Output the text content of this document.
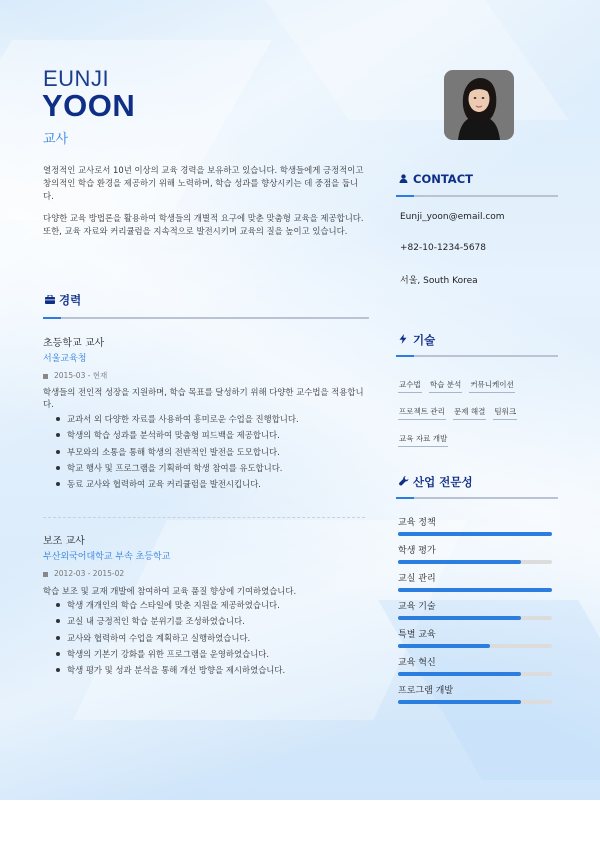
EUNJI
YOON
교사
열정적인 교사로서 10년 이상의 교육 경력을 보유하고 있습니다. 학생들에게 긍정적이고 창의적인 학습 환경을 제공하기 위해 노력하며, 학습 성과를 향상시키는 데 중점을 둡니다.
다양한 교육 방법론을 활용하여 학생들의 개별적 요구에 맞춘 맞춤형 교육을 제공합니다. 또한, 교육 자료와 커리큘럼을 지속적으로 발전시키며 교육의 질을 높이고 있습니다.
경력
초등학교 교사
서울교육청
2015-03 - 현재
학생들의 전인적 성장을 지원하며, 학습 목표를 달성하기 위해 다양한 교수법을 적용합니다.
교과서 외 다양한 자료를 사용하여 흥미로운 수업을 진행합니다.
학생의 학습 성과를 분석하여 맞춤형 피드백을 제공합니다.
부모와의 소통을 통해 학생의 전반적인 발전을 도모합니다.
학교 행사 및 프로그램을 기획하여 학생 참여를 유도합니다.
동료 교사와 협력하여 교육 커리큘럼을 발전시킵니다.
보조 교사
부산외국어대학교 부속 초등학교
2012-03 - 2015-02
학습 보조 및 교재 개발에 참여하여 교육 품질 향상에 기여하였습니다.
학생 개개인의 학습 스타일에 맞춘 지원을 제공하였습니다.
교실 내 긍정적인 학습 분위기를 조성하였습니다.
교사와 협력하여 수업을 계획하고 실행하였습니다.
학생의 기본기 강화를 위한 프로그램을 운영하였습니다.
학생 평가 및 성과 분석을 통해 개선 방향을 제시하였습니다.
CONTACT
Eunji_yoon@email.com
+82-10-1234-5678
서울, South Korea
기술
교수법 학습 분석 커뮤니케이션
프로젝트 관리 문제 해결 팀워크
교육 자료 개발
산업 전문성
교육 정책
학생 평가
교실 관리
교육 기술
특별 교육
교육 혁신
프로그램 개발
